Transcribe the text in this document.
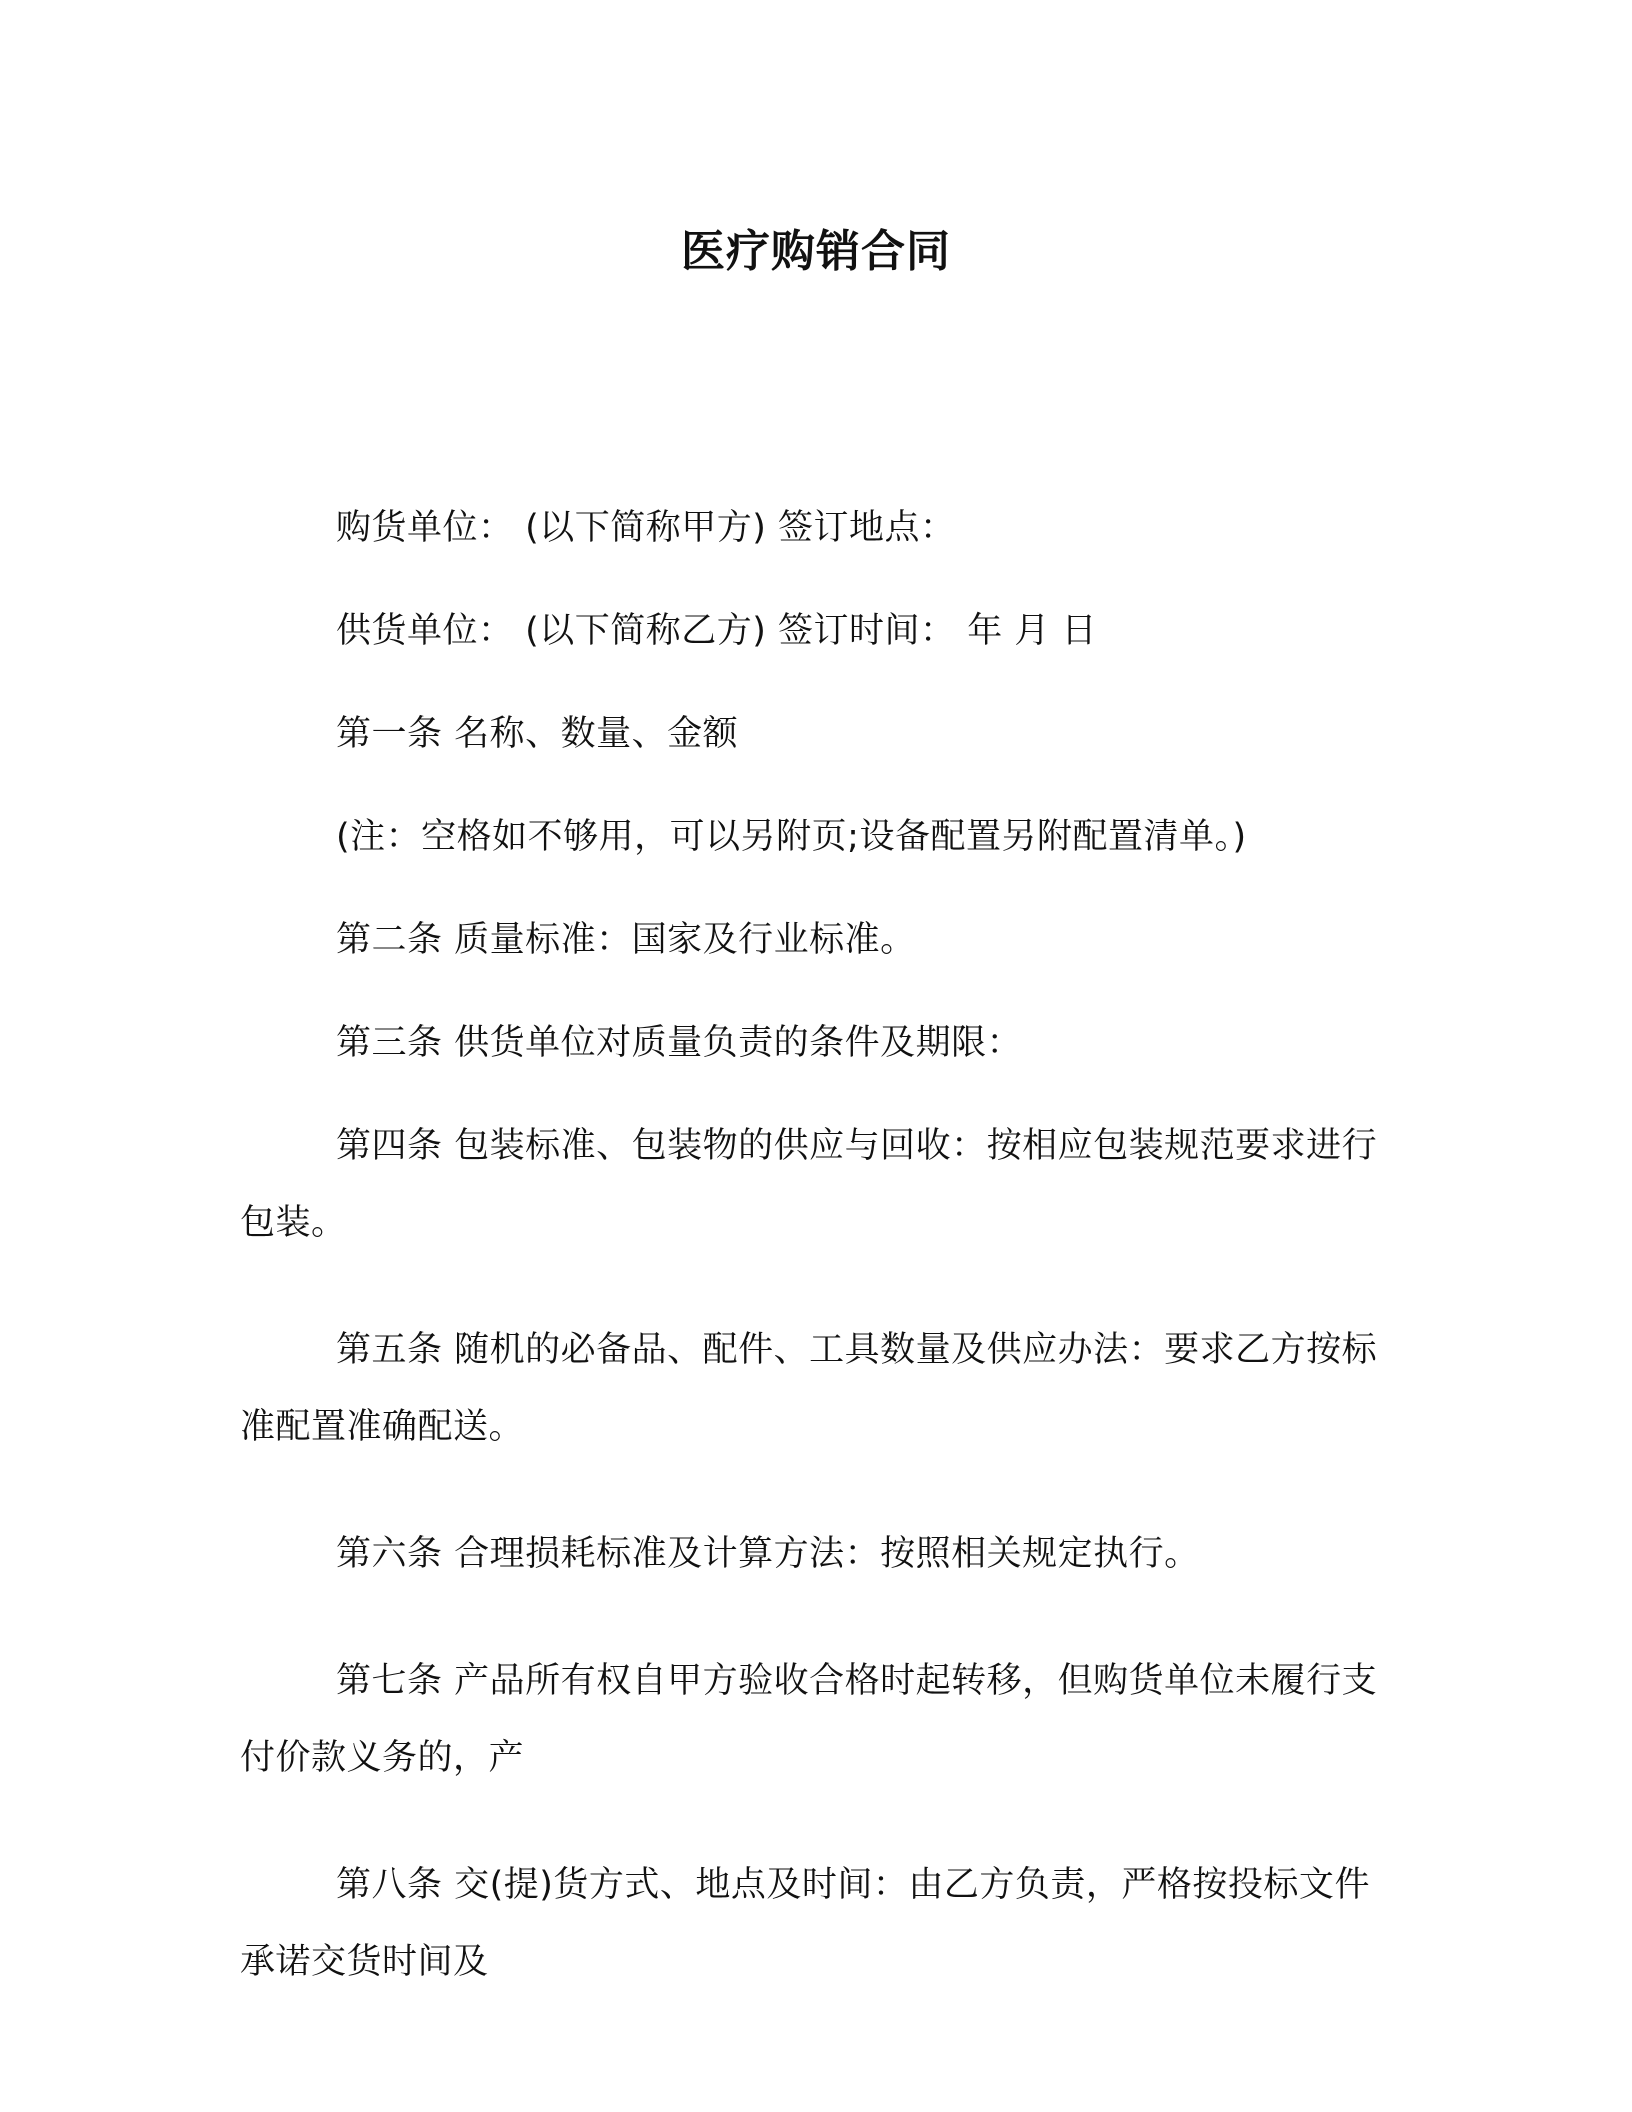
医疗购销合同

购货单位： (以下简称甲方) 签订地点：

供货单位： (以下简称乙方) 签订时间： 年 月 日

第一条 名称、数量、金额

(注：空格如不够用，可以另附页;设备配置另附配置清单。)

第二条 质量标准：国家及行业标准。

第三条 供货单位对质量负责的条件及期限：

第四条 包装标准、包装物的供应与回收：按相应包装规范要求进行包装。

第五条 随机的必备品、配件、工具数量及供应办法：要求乙方按标准配置准确配送。

第六条 合理损耗标准及计算方法：按照相关规定执行。

第七条 产品所有权自甲方验收合格时起转移，但购货单位未履行支付价款义务的，产

第八条 交(提)货方式、地点及时间：由乙方负责，严格按投标文件承诺交货时间及
